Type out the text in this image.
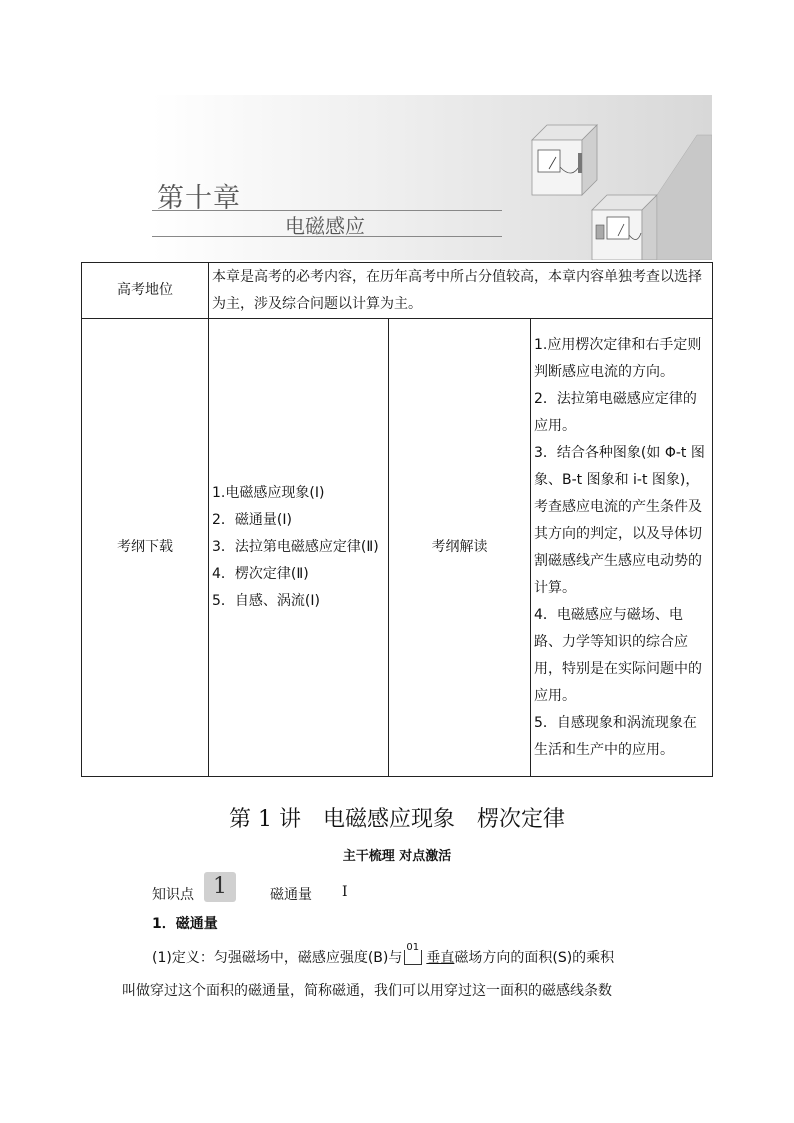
第十章
电磁感应
高考地位	本章是高考的必考内容，在历年高考中所占分值较高，本章内容单独考查以选择为主，涉及综合问题以计算为主。		
考纲下载	1.电磁感应现象(Ⅰ)
2．磁通量(Ⅰ)
3．法拉第电磁感应定律(Ⅱ)
4．楞次定律(Ⅱ)
5．自感、涡流(Ⅰ)	考纲解读	1.应用楞次定律和右手定则判断感应电流的方向。
2．法拉第电磁感应定律的应用。
3．结合各种图象(如 Φ-t 图象、B-t 图象和 i-t 图象)，考查感应电流的产生条件及其方向的判定，以及导体切割磁感线产生感应电动势的计算。
4．电磁感应与磁场、电路、力学等知识的综合应用，特别是在实际问题中的应用。
5．自感现象和涡流现象在生活和生产中的应用。
第 1 讲　电磁感应现象　楞次定律
主干梳理 对点激活
知识点 1	磁通量 Ⅰ
1．磁通量
(1)定义：匀强磁场中，磁感应强度(B)与
01
垂直磁场方向的面积(S)的乘积
叫做穿过这个面积的磁通量，简称磁通，我们可以用穿过这一面积的磁感线条数
